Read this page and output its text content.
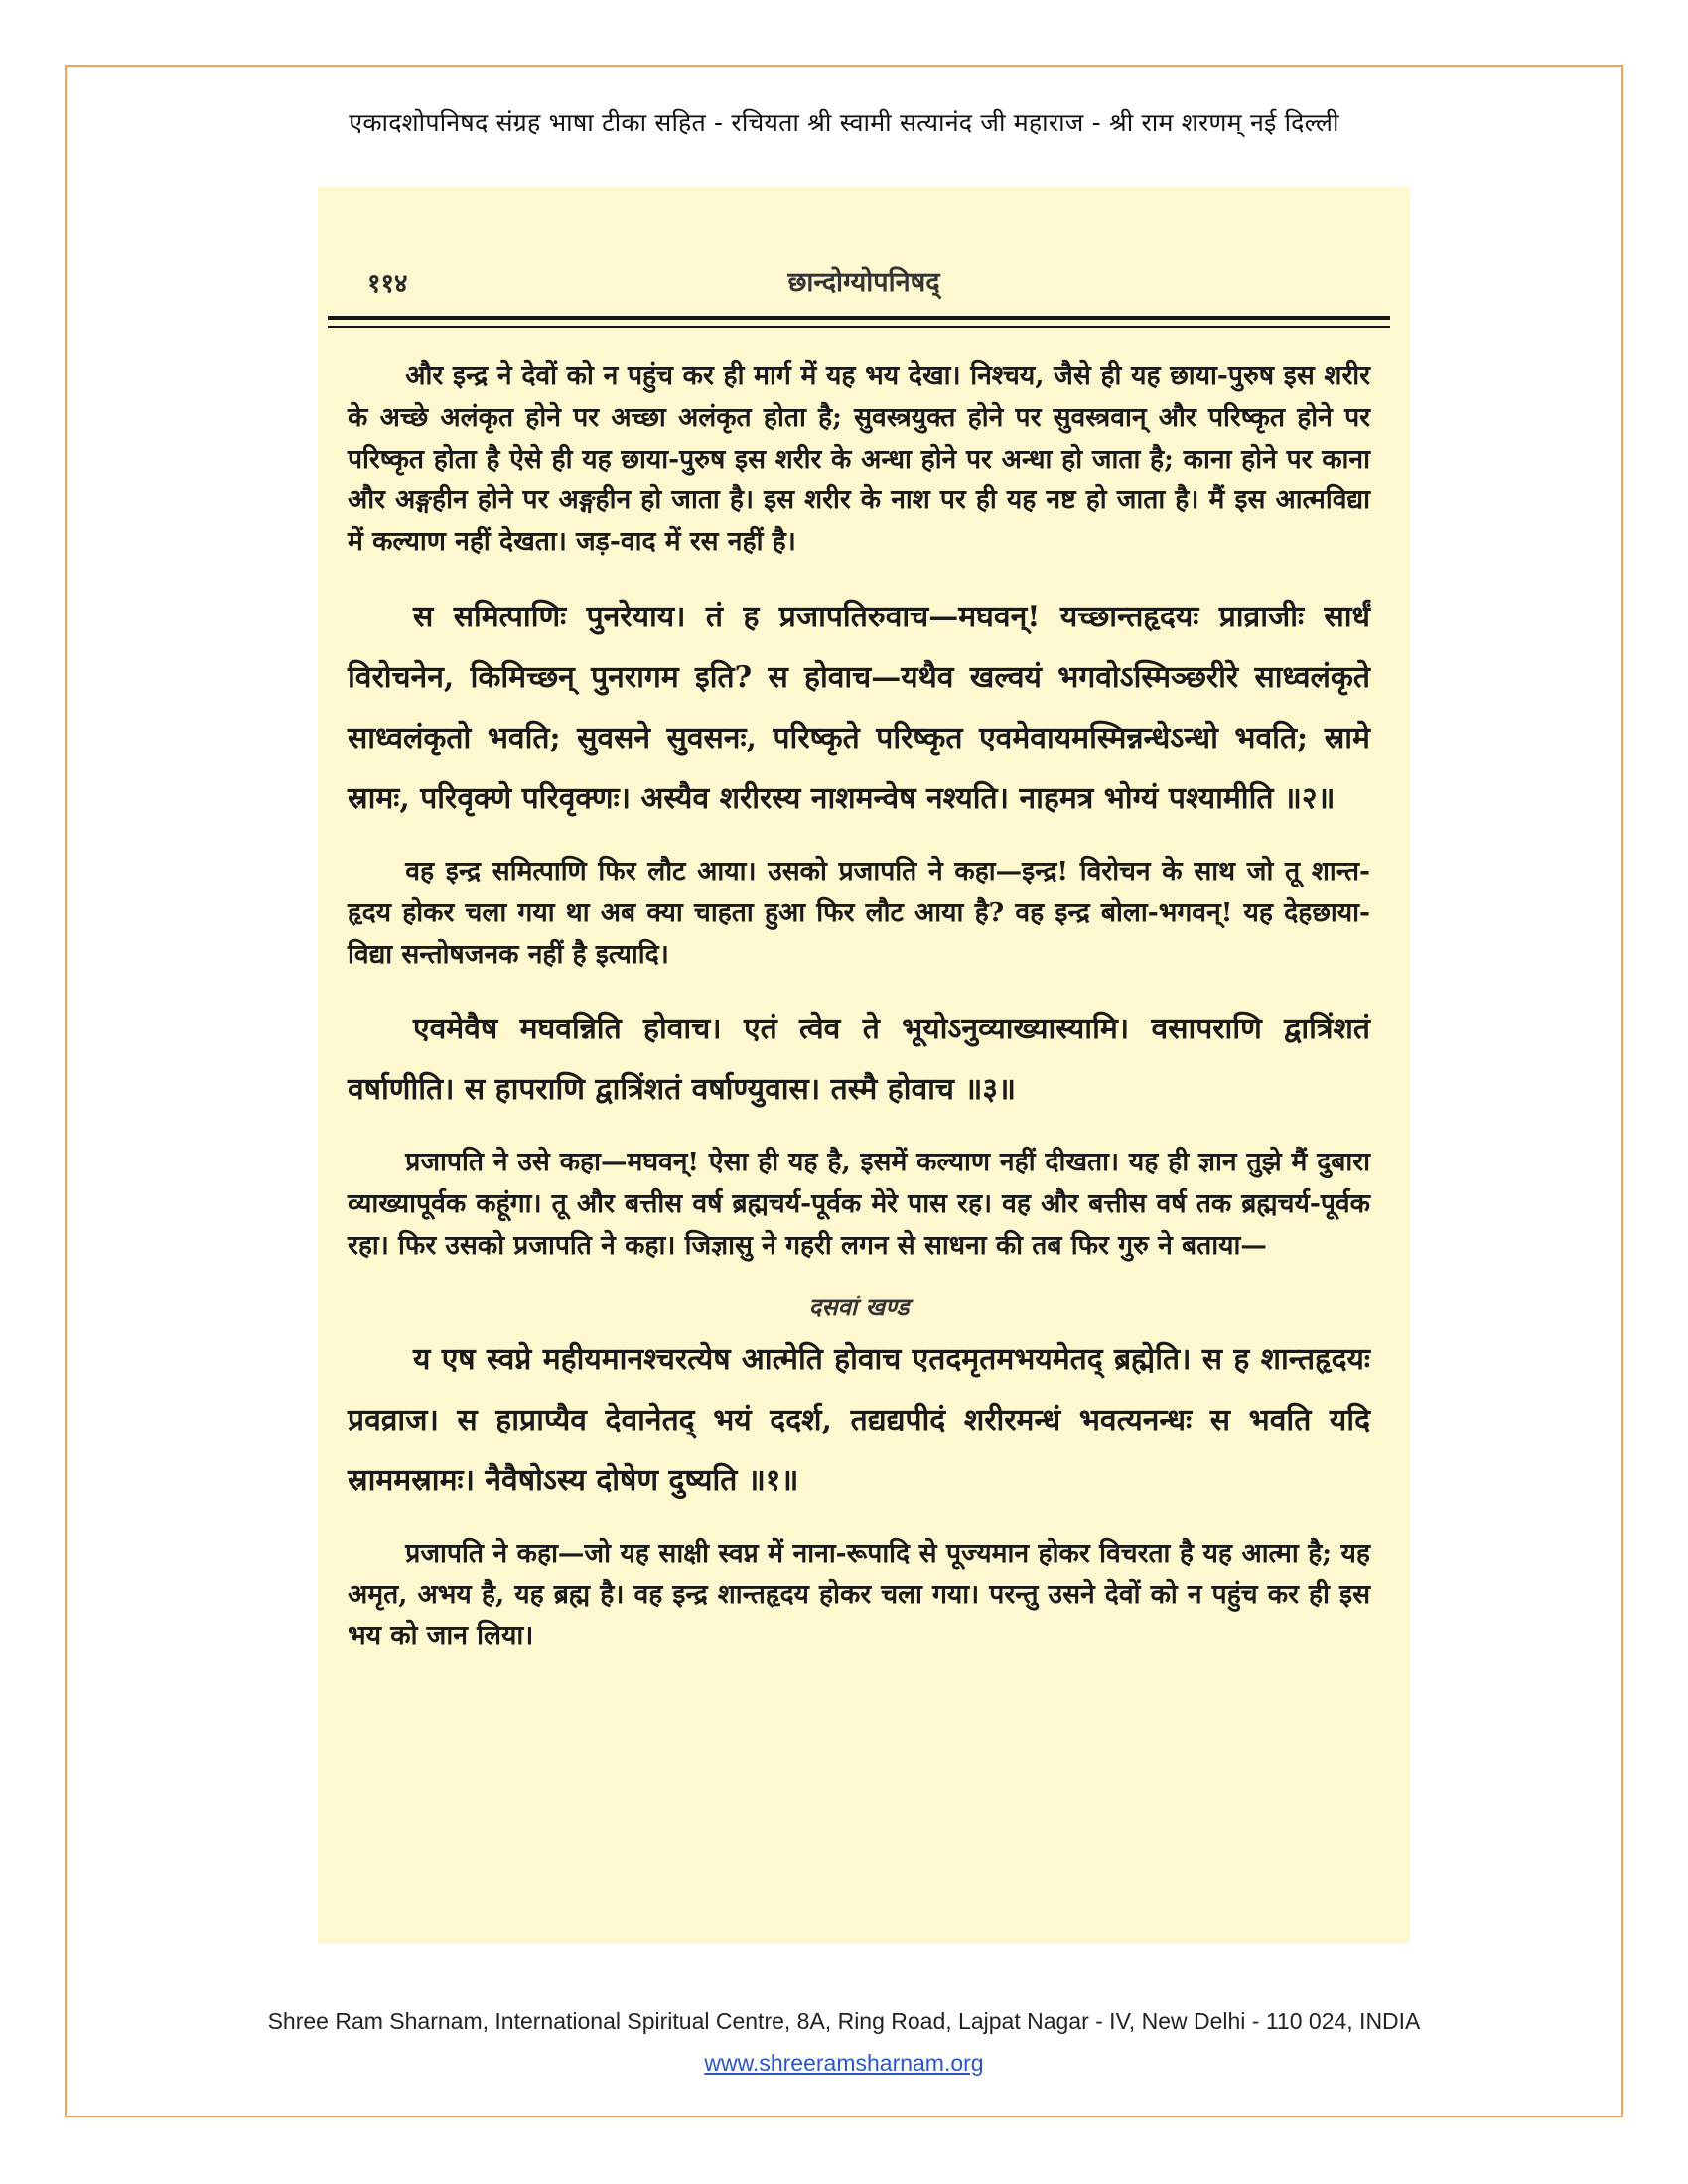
एकादशोपनिषद संग्रह भाषा टीका सहित - रचियता श्री स्वामी सत्यानंद जी महाराज - श्री राम शरणम् नई दिल्ली
११४	छान्दोग्योपनिषद्

और इन्द्र ने देवों को न पहुंच कर ही मार्ग में यह भय देखा। निश्चय, जैसे ही यह छाया-पुरुष इस शरीर के अच्छे अलंकृत होने पर अच्छा अलंकृत होता है; सुवस्त्रयुक्त होने पर सुवस्त्रवान् और परिष्कृत होने पर परिष्कृत होता है ऐसे ही यह छाया-पुरुष इस शरीर के अन्धा होने पर अन्धा हो जाता है; काना होने पर काना और अङ्गहीन होने पर अङ्गहीन हो जाता है। इस शरीर के नाश पर ही यह नष्ट हो जाता है। मैं इस आत्मविद्या में कल्याण नहीं देखता। जड़-वाद में रस नहीं है।

स समित्पाणिः पुनरेयाय। तं ह प्रजापतिरुवाच—मघवन्! यच्छान्तहृदयः प्राव्राजीः सार्धं विरोचनेन, किमिच्छन् पुनरागम इति? स होवाच—यथैव खल्वयं भगवोऽस्मिञ्छरीरे साध्वलंकृते साध्वलंकृतो भवति; सुवसने सुवसनः, परिष्कृते परिष्कृत एवमेवायमस्मिन्नन्धेऽन्धो भवति; स्रामे स्रामः, परिवृक्णे परिवृक्णः। अस्यैव शरीरस्य नाशमन्वेष नश्यति। नाहमत्र भोग्यं पश्यामीति ॥२॥

वह इन्द्र समित्पाणि फिर लौट आया। उसको प्रजापति ने कहा—इन्द्र! विरोचन के साथ जो तू शान्त-हृदय होकर चला गया था अब क्या चाहता हुआ फिर लौट आया है? वह इन्द्र बोला-भगवन्! यह देहछाया-विद्या सन्तोषजनक नहीं है इत्यादि।

एवमेवैष मघवन्निति होवाच। एतं त्वेव ते भूयोऽनुव्याख्यास्यामि। वसापराणि द्वात्रिंशतं वर्षाणीति। स हापराणि द्वात्रिंशतं वर्षाण्युवास। तस्मै होवाच ॥३॥

प्रजापति ने उसे कहा—मघवन्! ऐसा ही यह है, इसमें कल्याण नहीं दीखता। यह ही ज्ञान तुझे मैं दुबारा व्याख्यापूर्वक कहूंगा। तू और बत्तीस वर्ष ब्रह्मचर्य-पूर्वक मेरे पास रह। वह और बत्तीस वर्ष तक ब्रह्मचर्य-पूर्वक रहा। फिर उसको प्रजापति ने कहा। जिज्ञासु ने गहरी लगन से साधना की तब फिर गुरु ने बताया—

दसवां खण्ड

य एष स्वप्ने महीयमानश्चरत्येष आत्मेति होवाच एतदमृतमभयमेतद् ब्रह्मेति। स ह शान्तहृदयः प्रवव्राज। स हाप्राप्यैव देवानेतद् भयं ददर्श, तद्यद्यपीदं शरीरमन्धं भवत्यनन्धः स भवति यदि स्राममस्रामः। नैवैषोऽस्य दोषेण दुष्यति ॥१॥

प्रजापति ने कहा—जो यह साक्षी स्वप्न में नाना-रूपादि से पूज्यमान होकर विचरता है यह आत्मा है; यह अमृत, अभय है, यह ब्रह्म है। वह इन्द्र शान्तहृदय होकर चला गया। परन्तु उसने देवों को न पहुंच कर ही इस भय को जान लिया।

Shree Ram Sharnam, International Spiritual Centre, 8A, Ring Road, Lajpat Nagar - IV, New Delhi - 110 024, INDIA
www.shreeramsharnam.org
